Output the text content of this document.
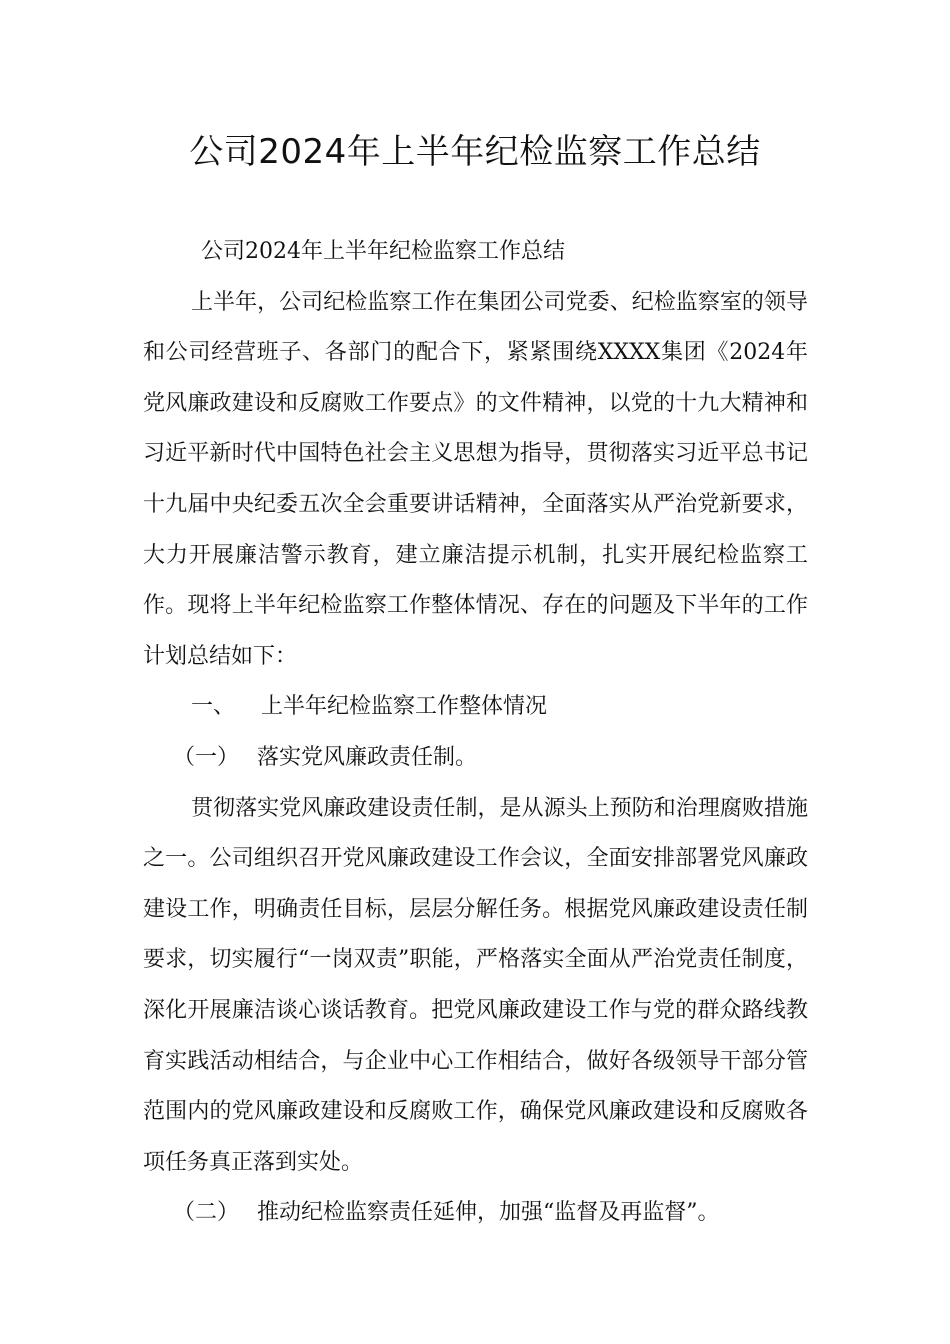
公司2024年上半年纪检监察工作总结

公司2024年上半年纪检监察工作总结

上半年，公司纪检监察工作在集团公司党委、纪检监察室的领导和公司经营班子、各部门的配合下，紧紧围绕XXXX集团《2024年党风廉政建设和反腐败工作要点》的文件精神，以党的十九大精神和习近平新时代中国特色社会主义思想为指导，贯彻落实习近平总书记十九届中央纪委五次全会重要讲话精神，全面落实从严治党新要求，大力开展廉洁警示教育，建立廉洁提示机制，扎实开展纪检监察工作。现将上半年纪检监察工作整体情况、存在的问题及下半年的工作计划总结如下：

一、 上半年纪检监察工作整体情况

（一） 落实党风廉政责任制。

贯彻落实党风廉政建设责任制，是从源头上预防和治理腐败措施之一。公司组织召开党风廉政建设工作会议，全面安排部署党风廉政建设工作，明确责任目标，层层分解任务。根据党风廉政建设责任制要求，切实履行“一岗双责”职能，严格落实全面从严治党责任制度，深化开展廉洁谈心谈话教育。把党风廉政建设工作与党的群众路线教育实践活动相结合，与企业中心工作相结合，做好各级领导干部分管范围内的党风廉政建设和反腐败工作，确保党风廉政建设和反腐败各项任务真正落到实处。

（二） 推动纪检监察责任延伸，加强“监督及再监督”。
